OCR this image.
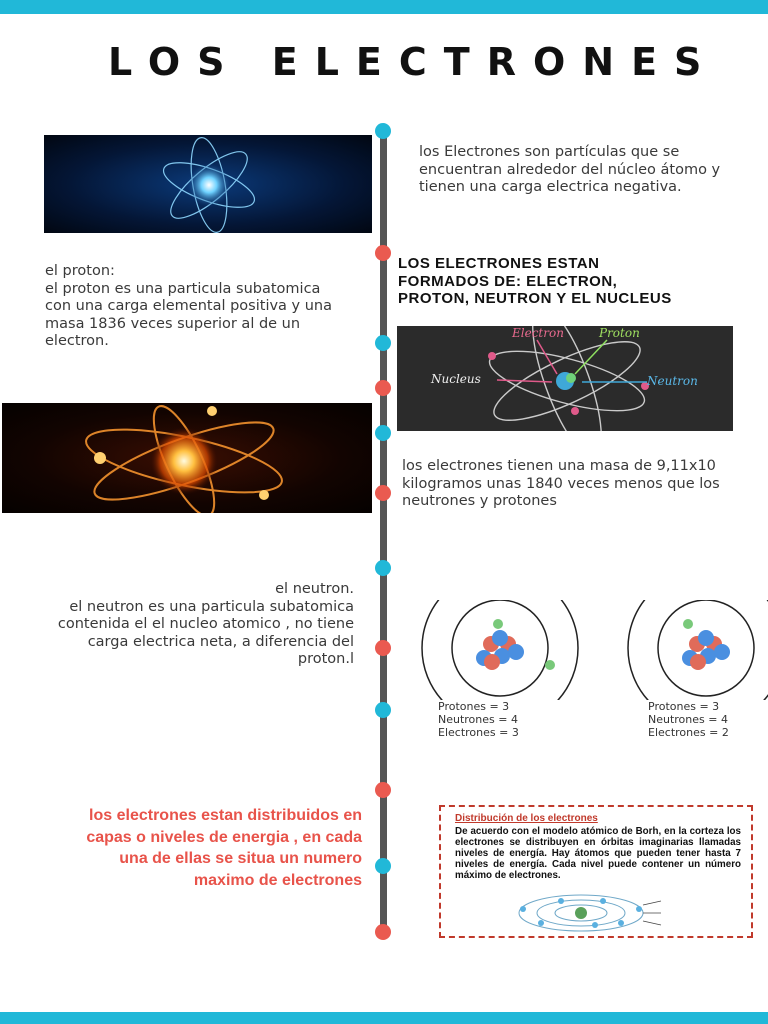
LOS ELECTRONES
los Electrones son partículas que se encuentran alrededor del núcleo átomo y tienen una carga electrica negativa.
LOS ELECTRONES ESTAN FORMADOS DE: ELECTRON, PROTON, NEUTRON Y EL NUCLEUS
el proton:
el proton es una particula subatomica con una carga elemental positiva y una masa 1836 veces superior al de un electron.	Electron	Proton
Nucleus	Neutron
los electrones tienen una masa de 9,11x10 kilogramos unas 1840 veces menos que los neutrones y protones
el neutron.
el neutron es una particula subatomica contenida el el nucleo atomico , no tiene carga electrica neta, a diferencia del proton.l
Protones = 3
Neutrones = 4
Electrones = 3
Protones = 3
Neutrones = 4
Electrones = 2
los electrones estan distribuidos en capas o niveles de energia , en cada una de ellas se situa un numero maximo de electrones
Distribución de los electrones
De acuerdo con el modelo atómico de Borh, en la corteza los electrones se distribuyen en órbitas imaginarias llamadas niveles de energía. Hay átomos que pueden tener hasta 7 niveles de energía. Cada nivel puede contener un número máximo de electrones.
